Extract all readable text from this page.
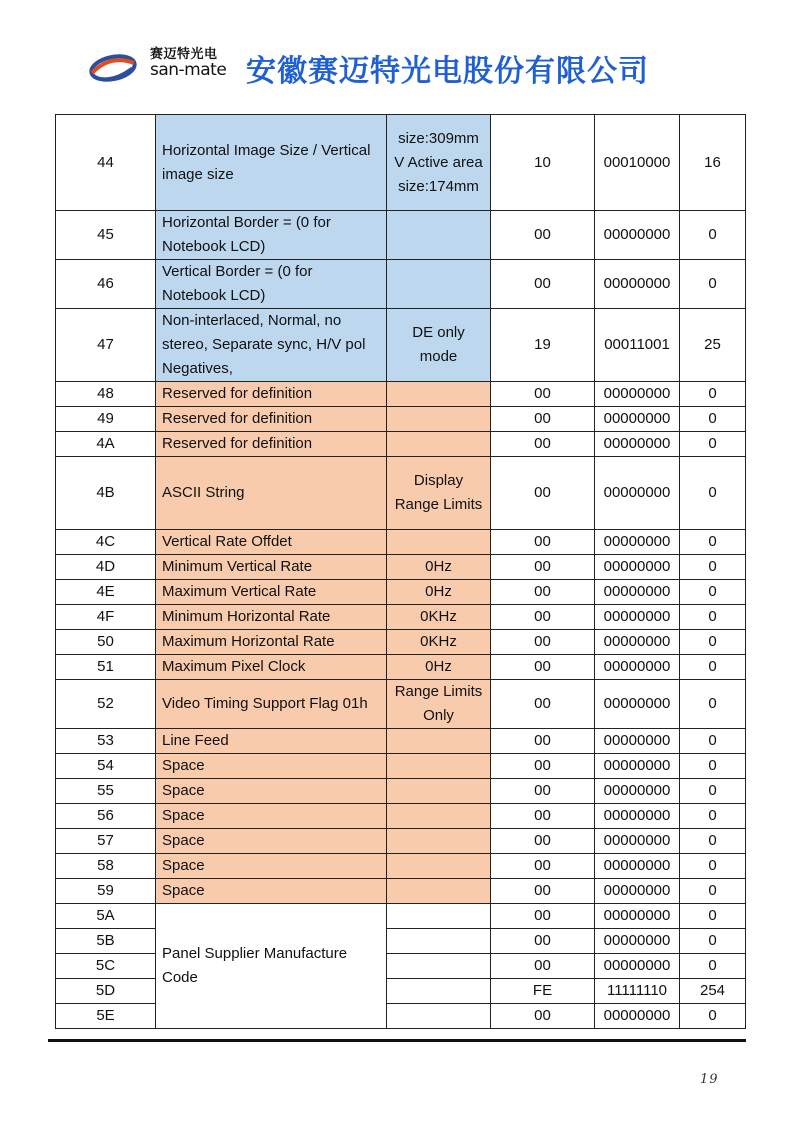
赛迈特光电
san-mate 安徽赛迈特光电股份有限公司
44	Horizontal Image Size / Vertical image size	size:309mm V Active area size:174mm	10	00010000	16
45	Horizontal Border = (0 for Notebook LCD)		00	00000000	0
46	Vertical Border = (0 for Notebook LCD)		00	00000000	0
47	Non-interlaced, Normal, no stereo, Separate sync, H/V pol Negatives,	DE only mode	19	00011001	25
48	Reserved for definition		00	00000000	0
49	Reserved for definition		00	00000000	0
4A	Reserved for definition		00	00000000	0
4B	ASCII String	Display Range Limits	00	00000000	0
4C	Vertical Rate Offdet		00	00000000	0
4D	Minimum Vertical Rate	0Hz	00	00000000	0
4E	Maximum Vertical Rate	0Hz	00	00000000	0
4F	Minimum Horizontal Rate	0KHz	00	00000000	0
50	Maximum Horizontal Rate	0KHz	00	00000000	0
51	Maximum Pixel Clock	0Hz	00	00000000	0
52	Video Timing Support Flag 01h	Range Limits Only	00	00000000	0
53	Line Feed		00	00000000	0
54	Space		00	00000000	0
55	Space		00	00000000	0
56	Space		00	00000000	0
57	Space		00	00000000	0
58	Space		00	00000000	0
59	Space		00	00000000	0
5A	Panel Supplier Manufacture Code		00	00000000	0
5B			00	00000000	0
5C			00	00000000	0
5D			FE	11111110	254
5E			00	00000000	0
19
